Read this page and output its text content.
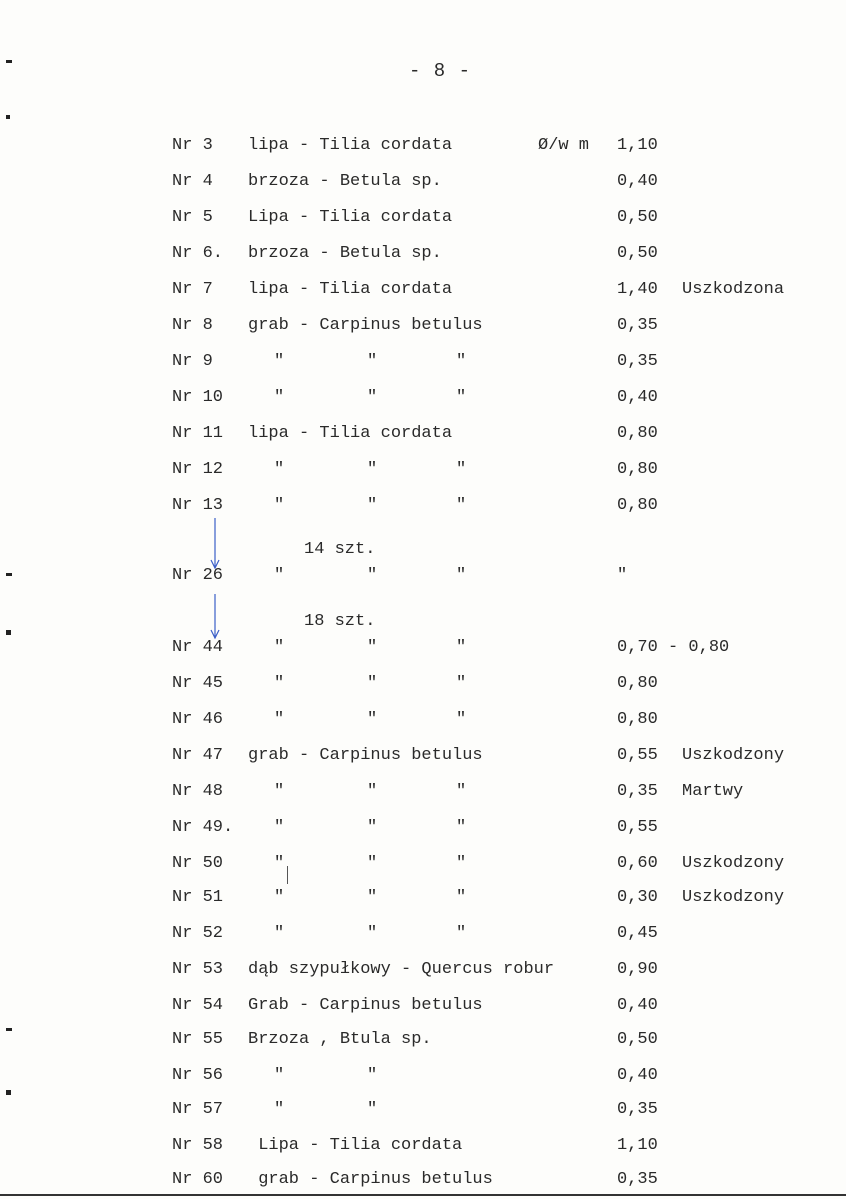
- 8 -
Nr 3 lipa - Tilia cordata	Ø/w m 1,10
Nr 4 brzoza - Betula sp.	0,40
Nr 5 Lipa - Tilia cordata	0,50
Nr 6. brzoza - Betula sp.	0,50
Nr 7 lipa - Tilia cordata	1,40 Uszkodzona
Nr 8 grab - Carpinus betulus	0,35
Nr 9	"	"	"	0,35
Nr 10	"	"	"	0,40
Nr 11 lipa - Tilia cordata	0,80
Nr 12	"	"	"	0,80
Nr 13	"	"	"	0,80
Nr 26	"	"	"	"
Nr 44	"	"	"	0,70 - 0,80
Nr 45	"	"	"	0,80
Nr 46	"	"	"	0,80
Nr 47 grab - Carpinus betulus	0,55 Uszkodzony
Nr 48	"	"	"	0,35 Martwy
Nr 49. "	"	"	0,55
Nr 50	"	"	"	0,60 Uszkodzony
Nr 51	"	"	"	0,30 Uszkodzony
Nr 52	"	"	"	0,45
Nr 53 dąb szypułkowy - Quercus robur	0,90
Nr 54 Grab - Carpinus betulus	0,40
Nr 55 Brzoza , Btula sp.	0,50
Nr 56	"	"	0,40
Nr 57	"	"	0,35
Nr 58 Lipa - Tilia cordata	1,10
Nr 60 grab - Carpinus betulus	0,35
14 szt.
18 szt.
